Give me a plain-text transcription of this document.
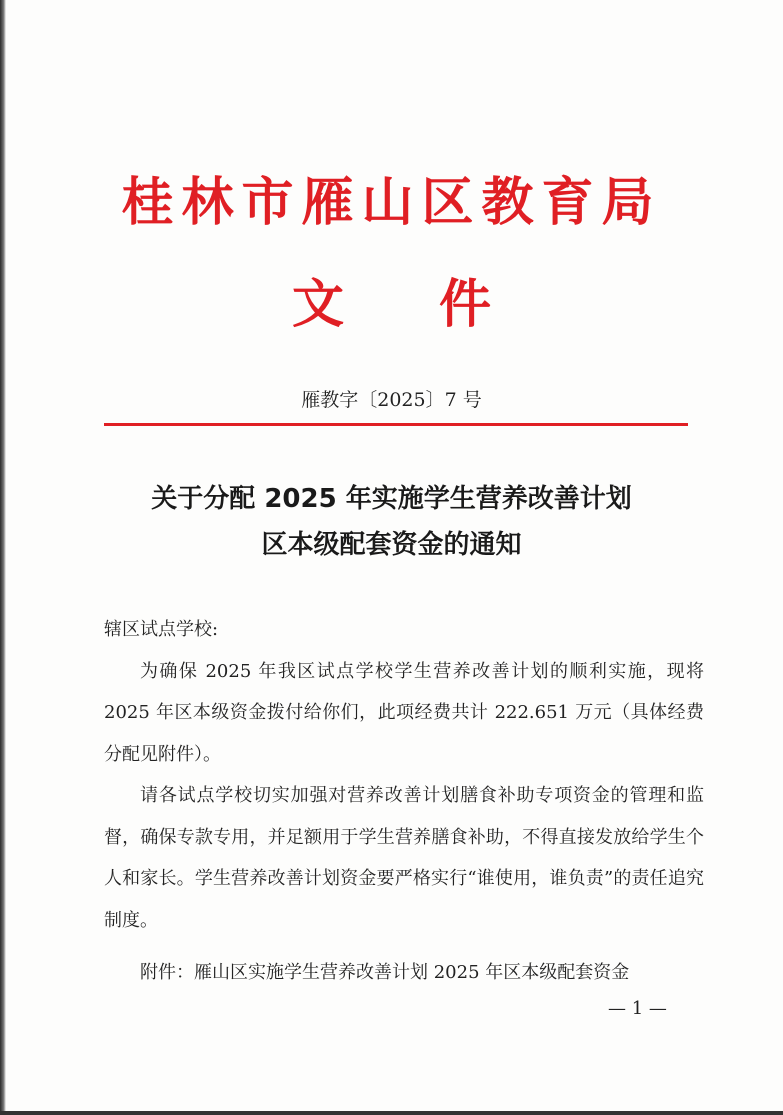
桂林市雁山区教育局
文 件
雁教字〔2025〕7 号
关于分配 2025 年实施学生营养改善计划
区本级配套资金的通知

辖区试点学校:

为确保 2025 年我区试点学校学生营养改善计划的顺利实施，现将 2025 年区本级资金拨付给你们，此项经费共计 222.651 万元（具体经费分配见附件）。

请各试点学校切实加强对营养改善计划膳食补助专项资金的管理和监督，确保专款专用，并足额用于学生营养膳食补助，不得直接发放给学生个人和家长。学生营养改善计划资金要严格实行“谁使用，谁负责”的责任追究制度。

附件：雁山区实施学生营养改善计划 2025 年区本级配套资金
— 1 —
